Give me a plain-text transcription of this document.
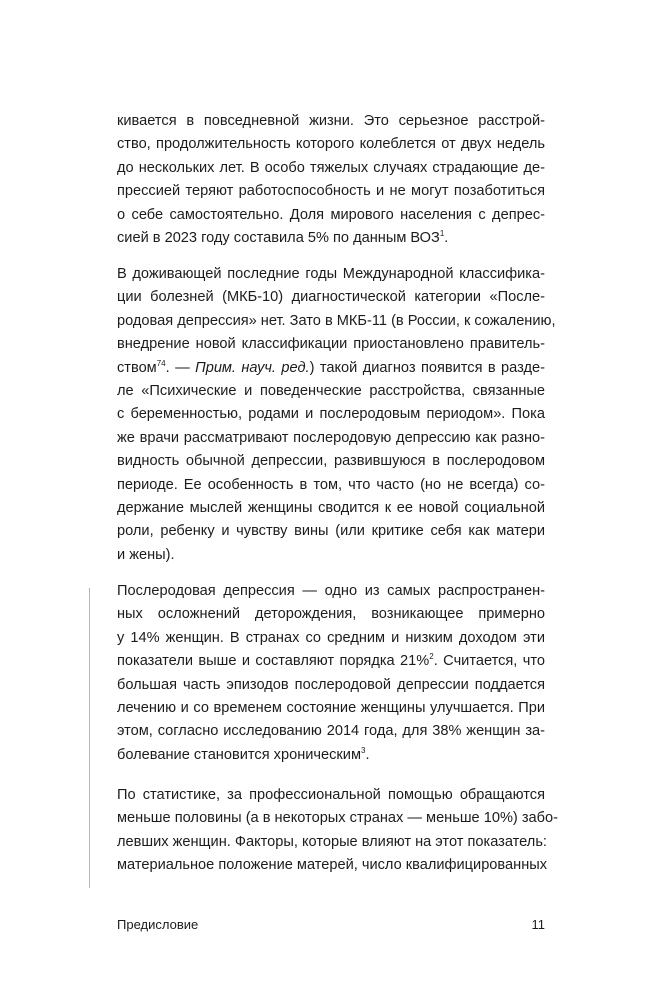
кивается в повседневной жизни. Это серьезное расстрой-
ство, продолжительность которого колеблется от двух недель
до нескольких лет. В особо тяжелых случаях страдающие де-
прессией теряют работоспособность и не могут позаботиться
о себе самостоятельно. Доля мирового населения с депрес-
сией в 2023 году составила 5% по данным ВОЗ$^1$.
В доживающей последние годы Международной классифика-
ции болезней (МКБ-10) диагностической категории «После-
родовая депрессия» нет. Зато в МКБ-11 (в России, к сожалению,
внедрение новой классификации приостановлено правитель-
ством$^{74}$. — Прим. науч. ред.) такой диагноз появится в разде-
ле «Психические и поведенческие расстройства, связанные
с беременностью, родами и послеродовым периодом». Пока
же врачи рассматривают послеродовую депрессию как разно-
видность обычной депрессии, развившуюся в послеродовом
периоде. Ее особенность в том, что часто (но не всегда) со-
держание мыслей женщины сводится к ее новой социальной
роли, ребенку и чувству вины (или критике себя как матери
и жены).
Послеродовая депрессия — одно из самых распространен-
ных осложнений деторождения, возникающее примерно
у 14% женщин. В странах со средним и низким доходом эти
показатели выше и составляют порядка 21%$^2$. Считается, что
большая часть эпизодов послеродовой депрессии поддается
лечению и со временем состояние женщины улучшается. При
этом, согласно исследованию 2014 года, для 38% женщин за-
болевание становится хроническим$^3$.
По статистике, за профессиональной помощью обращаются
меньше половины (а в некоторых странах — меньше 10%) забо-
левших женщин. Факторы, которые влияют на этот показатель:
материальное положение матерей, число квалифицированных
Предисловие	11
